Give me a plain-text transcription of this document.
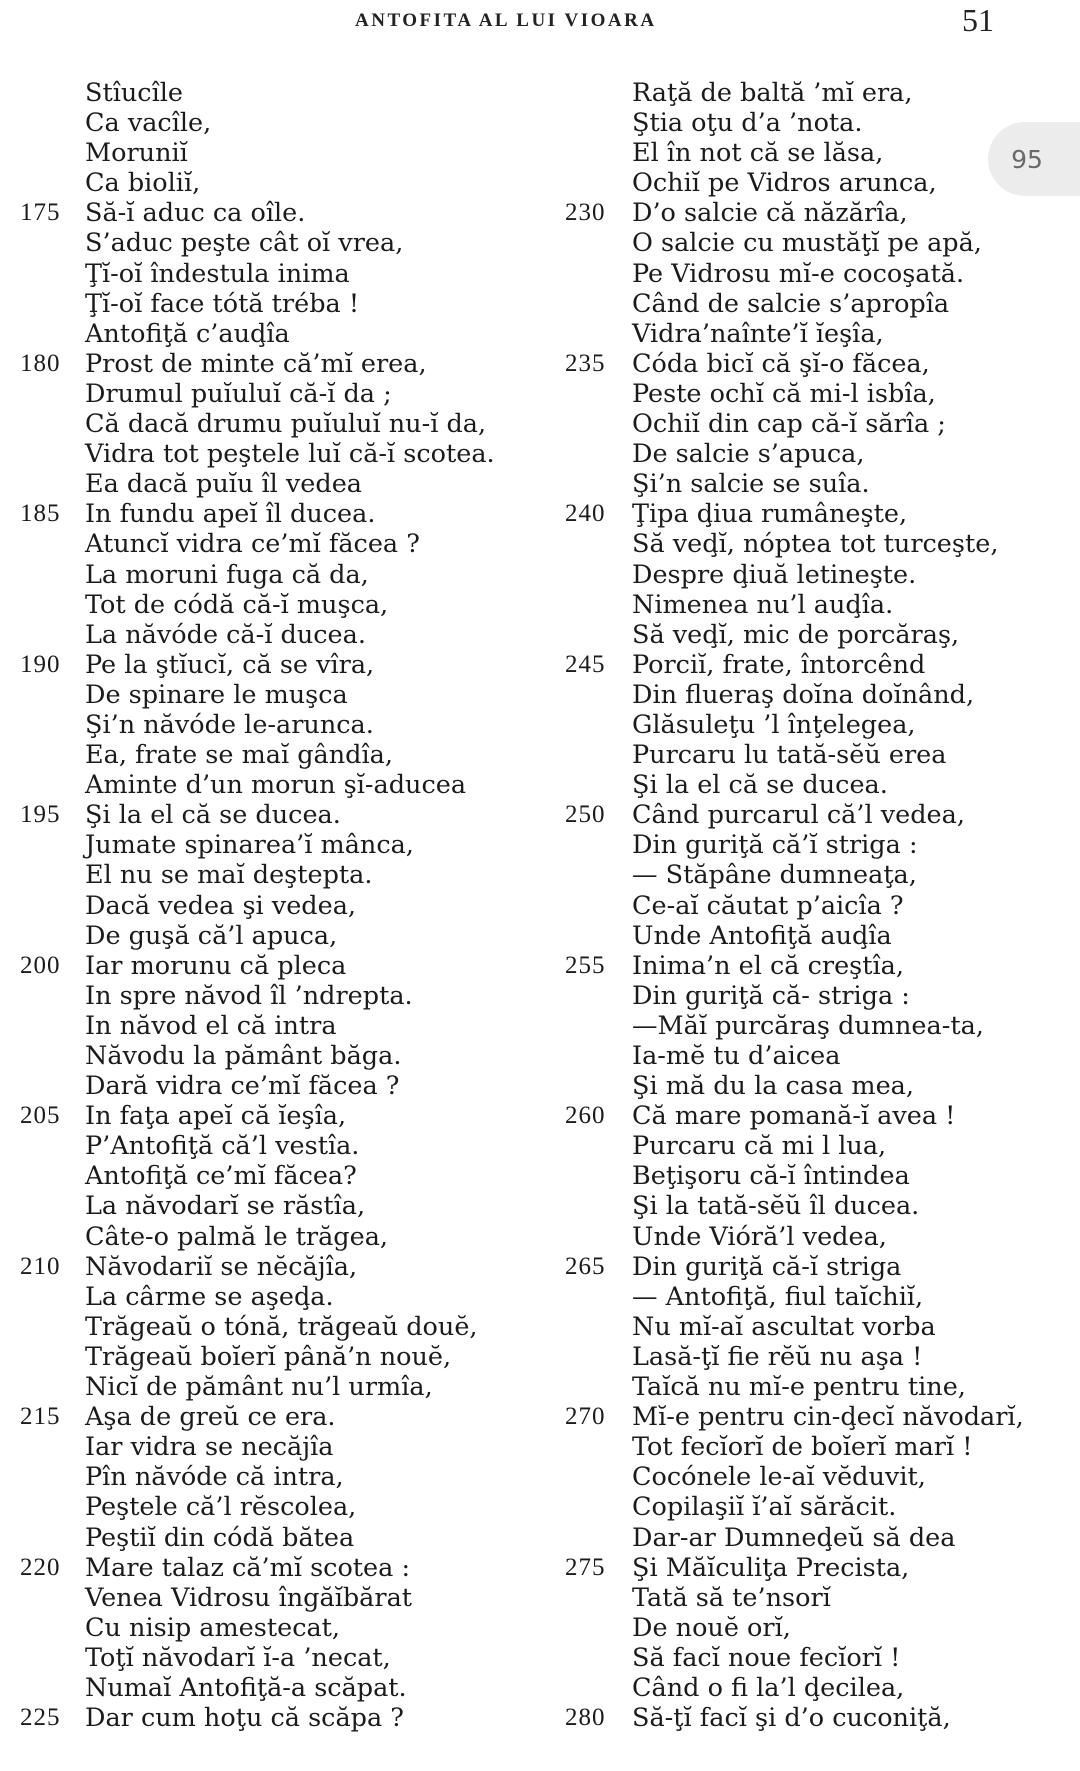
ANTOFITA AL LUI VIOARA	51
95
Stîucîle
Ca vacîle,
Moruniĭ
Ca bioliĭ,
175 Să-ĭ aduc ca oîle.
S’aduc peşte cât oĭ vrea,
Ţĭ-oĭ îndestula inima
Ţĭ-oĭ face tótă tréba !
Antofiţă c’auḑîa
180 Prost de minte că’mĭ erea,
Drumul puĭuluĭ că-ĭ da ;
Că dacă drumu puĭuluĭ nu-ĭ da,
Vidra tot peştele luĭ că-ĭ scotea.
Ea dacă puĭu îl vedea
185 In fundu apeĭ îl ducea.
Atuncĭ vidra ce’mĭ făcea ?
La moruni fuga că da,
Tot de códă că-ĭ muşca,
La năvóde că-ĭ ducea.
190 Pe la ştĭucĭ, că se vîra,
De spinare le muşca
Şi’n năvóde le-arunca.
Ea, frate se maĭ gândîa,
Aminte d’un morun şĭ-aducea
195 Şi la el că se ducea.
Jumate spinarea’ĭ mânca,
El nu se maĭ deştepta.
Dacă vedea şi vedea,
De guşă că’l apuca,
200 Iar morunu că pleca
In spre năvod îl ’ndrepta.
In năvod el că intra
Năvodu la pământ băga.
Dară vidra ce’mĭ făcea ?
205 In faţa apeĭ că ĭeşîa,
P’Antofiţă că’l vestîa.
Antofiţă ce’mĭ făcea?
La năvodarĭ se răstîa,
Câte-o palmă le trăgea,
210 Năvodariĭ se nĕcăjîa,
La cârme se aşeḑa.
Trăgeaŭ o tónă, trăgeaŭ douĕ,
Trăgeaŭ boĭerĭ până’n nouĕ,
Nicĭ de pământ nu’l urmîa,
215 Aşa de greŭ ce era.
Iar vidra se necăjîa
Pîn năvóde că intra,
Peştele că’l rĕscolea,
Peştiĭ din códă bătea
220 Mare talaz că’mĭ scotea :
Venea Vidrosu îngăĭbărat
Cu nisip amestecat,
Toţĭ năvodarĭ ĭ-a ’necat,
Numaĭ Antofiţă-a scăpat.
225 Dar cum hoţu că scăpa ?
Raţă de baltă ’mĭ era,
Ştia oţu d’a ’nota.
El în not că se lăsa,
Ochiĭ pe Vidros arunca,
230 D’o salcie că năzărîa,
O salcie cu mustăţĭ pe apă,
Pe Vidrosu mĭ-e cocoşată.
Când de salcie s’apropîa
Vidra’naînte’ĭ ĭeşîa,
235 Códa bicĭ că şĭ-o făcea,
Peste ochĭ că mi-l isbîa,
Ochiĭ din cap că-ĭ sărîa ;
De salcie s’apuca,
Şi’n salcie se suîa.
240 Ţipa ḑiua rumâneşte,
Să veḑĭ, nóptea tot turceşte,
Despre ḑiuă letineşte.
Nimenea nu’l auḑîa.
Să veḑĭ, mic de porcăraş,
245 Porciĭ, frate, întorcênd
Din flueraş doĭna doĭnând,
Glăsuleţu ’l înţelegea,
Purcaru lu tată-sĕŭ erea
Şi la el că se ducea.
250 Când purcarul că’l vedea,
Din guriţă că’ĭ striga :
— Stăpâne dumneaţa,
Ce-aĭ căutat p’aicîa ?
Unde Antofiţă auḑîa
255 Inima’n el că creştîa,
Din guriţă că- striga :
—Măĭ purcăraş dumnea-ta,
Ia-mĕ tu d’aicea
Şi mă du la casa mea,
260 Că mare pomană-ĭ avea !
Purcaru că mi l lua,
Beţişoru că-ĭ întindea
Şi la tată-sĕŭ îl ducea.
Unde Vióră’l vedea,
265 Din guriţă că-ĭ striga
— Antofiţă, fiul taĭchiĭ,
Nu mĭ-aĭ ascultat vorba
Lasă-ţĭ fie rĕŭ nu aşa !
Taĭcă nu mĭ-e pentru tine,
270 Mĭ-e pentru cin-ḑecĭ năvodarĭ,
Tot fecĭorĭ de boĭerĭ marĭ !
Cocónele le-aĭ vĕduvit,
Copilaşiĭ ĭ’aĭ sărăcit.
Dar-ar Dumneḑeŭ să dea
275 Şi Măĭculiţa Precista,
Tată să te’nsorĭ
De nouĕ orĭ,
Să facĭ noue fecĭorĭ !
Când o fi la’l ḑecilea,
280 Să-ţĭ facĭ şi d’o cuconiţă,
